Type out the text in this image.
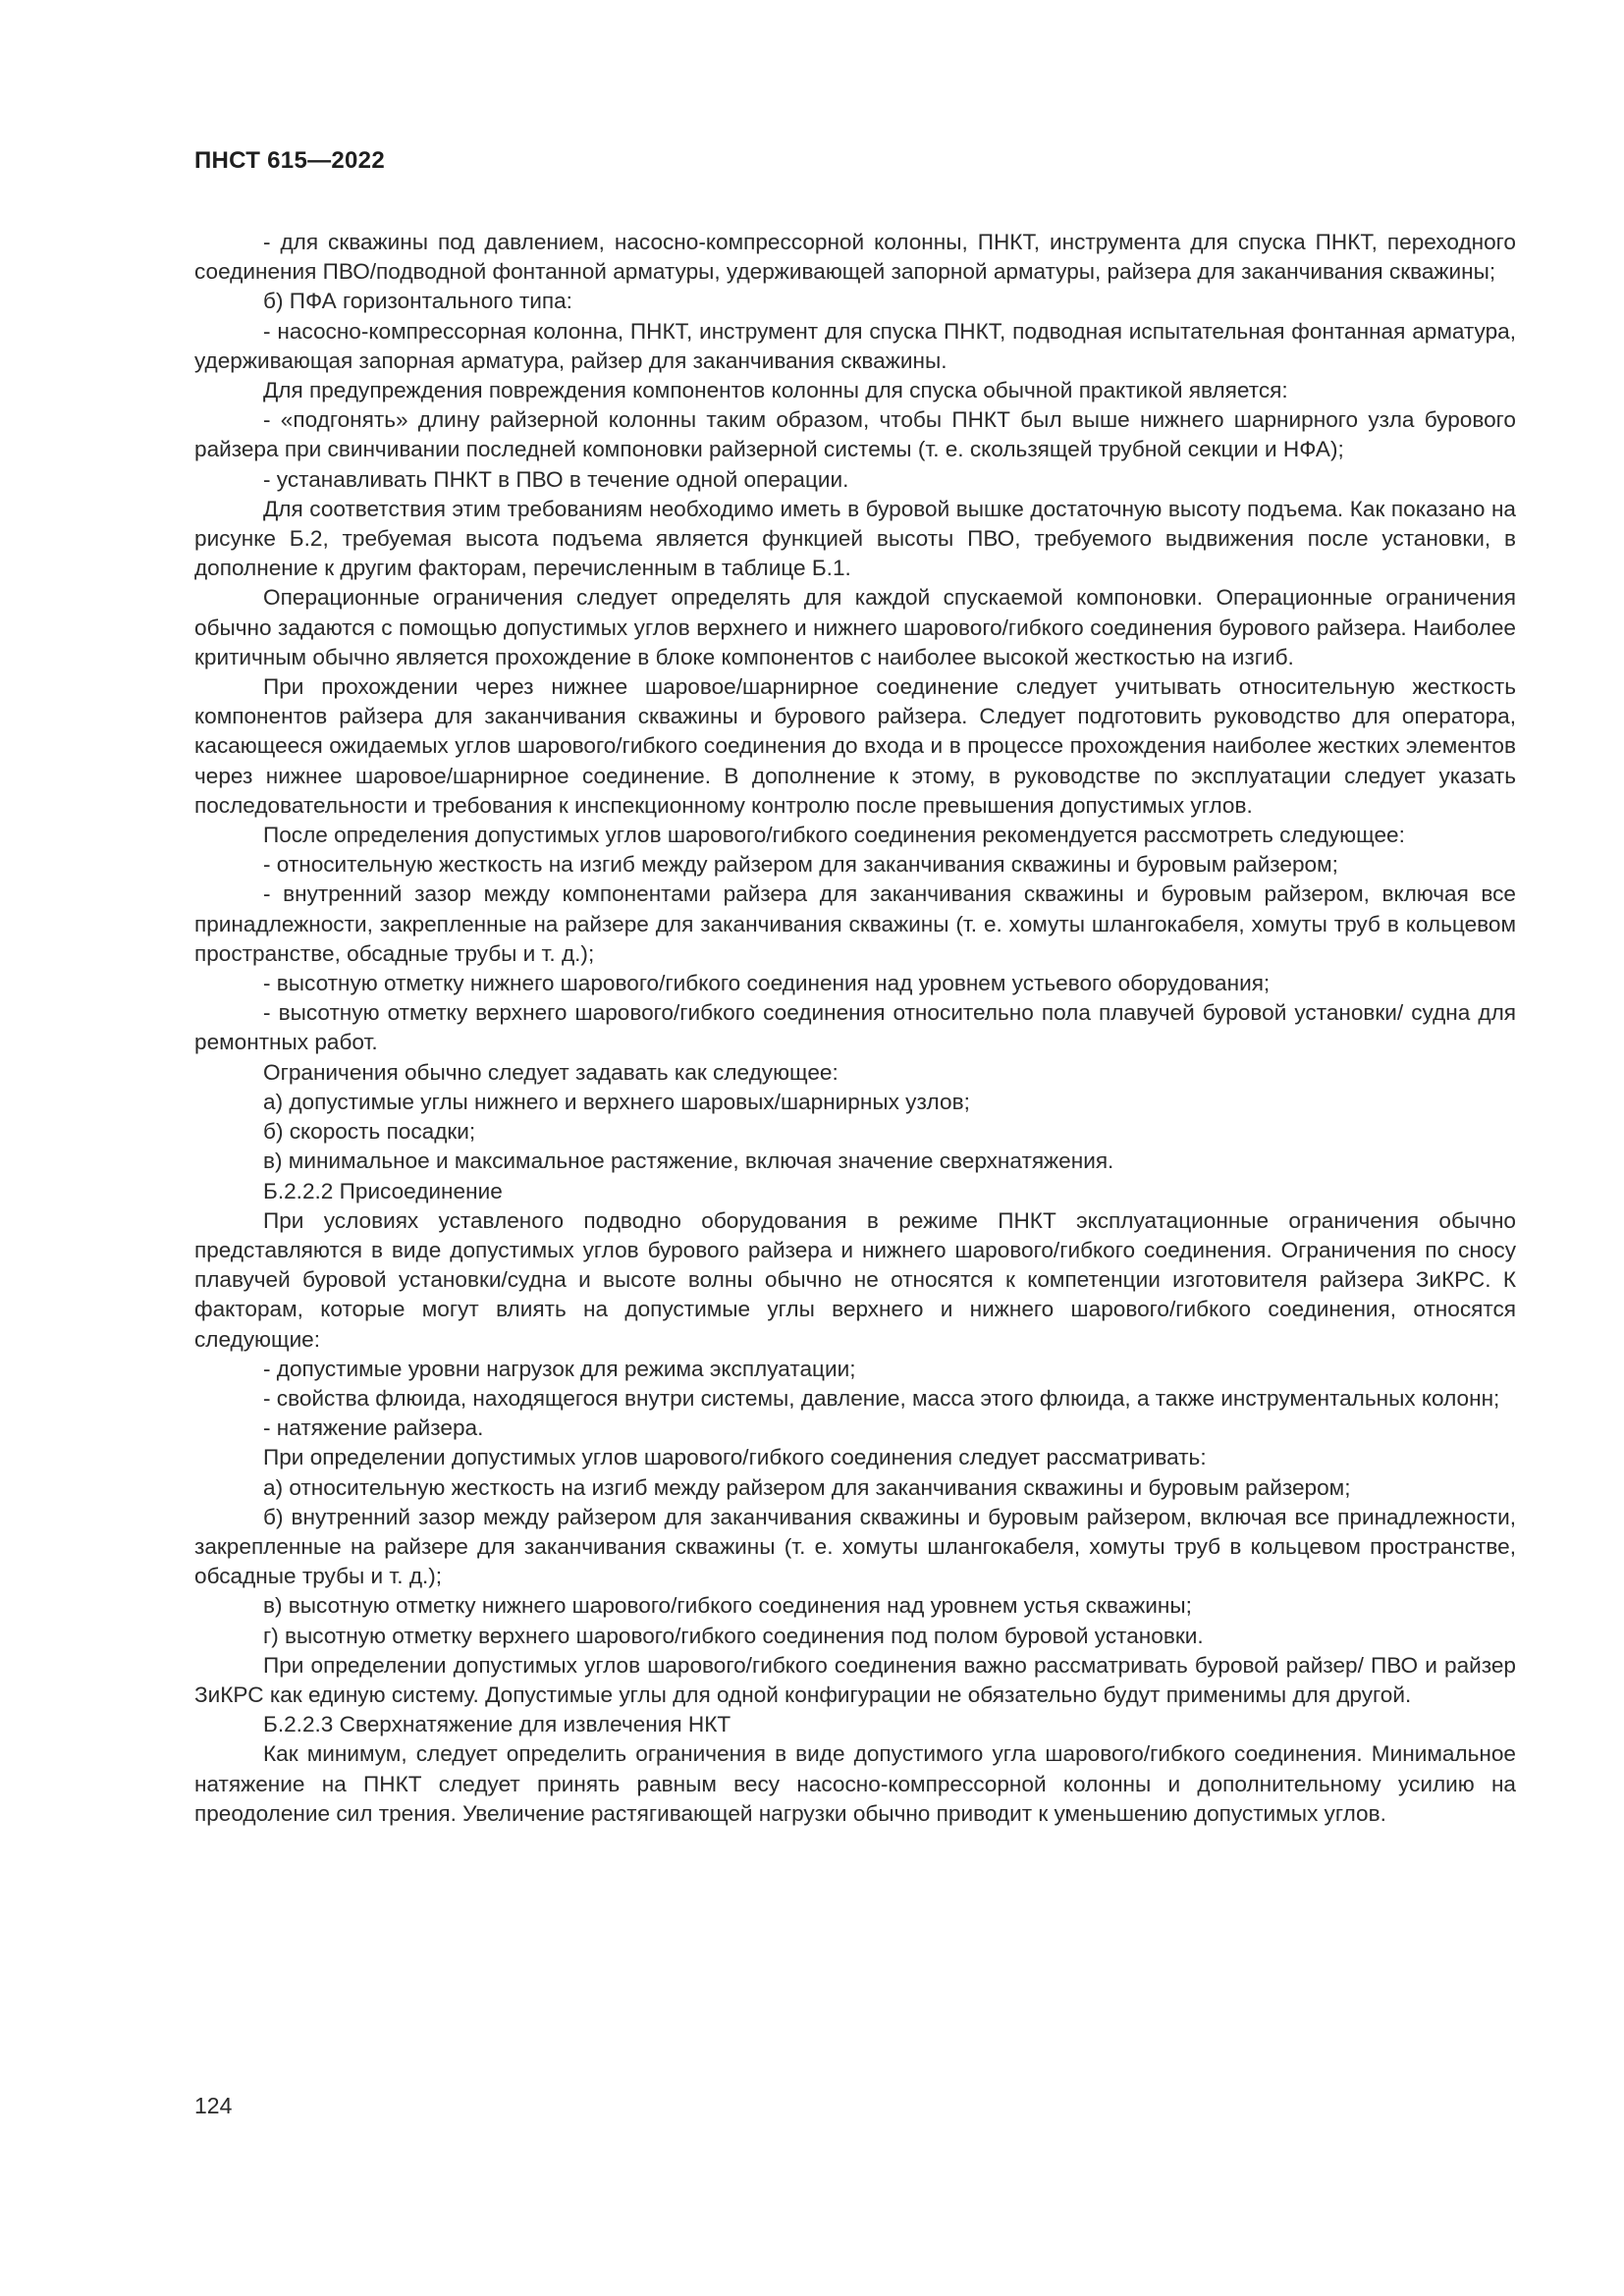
ПНСТ 615—2022

- для скважины под давлением, насосно-компрессорной колонны, ПНКТ, инструмента для спуска ПНКТ, переходного соединения ПВО/подводной фонтанной арматуры, удерживающей запорной арматуры, райзера для заканчивания скважины;

б) ПФА горизонтального типа:

- насосно-компрессорная колонна, ПНКТ, инструмент для спуска ПНКТ, подводная испытательная фонтанная арматура, удерживающая запорная арматура, райзер для заканчивания скважины.

Для предупреждения повреждения компонентов колонны для спуска обычной практикой является:

- «подгонять» длину райзерной колонны таким образом, чтобы ПНКТ был выше нижнего шарнирного узла бурового райзера при свинчивании последней компоновки райзерной системы (т. е. скользящей трубной секции и НФА);

- устанавливать ПНКТ в ПВО в течение одной операции.

Для соответствия этим требованиям необходимо иметь в буровой вышке достаточную высоту подъема. Как показано на рисунке Б.2, требуемая высота подъема является функцией высоты ПВО, требуемого выдвижения после установки, в дополнение к другим факторам, перечисленным в таблице Б.1.

Операционные ограничения следует определять для каждой спускаемой компоновки. Операционные ограничения обычно задаются с помощью допустимых углов верхнего и нижнего шарового/гибкого соединения бурового райзера. Наиболее критичным обычно является прохождение в блоке компонентов с наиболее высокой жесткостью на изгиб.

При прохождении через нижнее шаровое/шарнирное соединение следует учитывать относительную жесткость компонентов райзера для заканчивания скважины и бурового райзера. Следует подготовить руководство для оператора, касающееся ожидаемых углов шарового/гибкого соединения до входа и в процессе прохождения наиболее жестких элементов через нижнее шаровое/шарнирное соединение. В дополнение к этому, в руководстве по эксплуатации следует указать последовательности и требования к инспекционному контролю после превышения допустимых углов.

После определения допустимых углов шарового/гибкого соединения рекомендуется рассмотреть следующее:

- относительную жесткость на изгиб между райзером для заканчивания скважины и буровым райзером;

- внутренний зазор между компонентами райзера для заканчивания скважины и буровым райзером, включая все принадлежности, закрепленные на райзере для заканчивания скважины (т. е. хомуты шлангокабеля, хомуты труб в кольцевом пространстве, обсадные трубы и т. д.);

- высотную отметку нижнего шарового/гибкого соединения над уровнем устьевого оборудования;

- высотную отметку верхнего шарового/гибкого соединения относительно пола плавучей буровой установки/ судна для ремонтных работ.

Ограничения обычно следует задавать как следующее:

а) допустимые углы нижнего и верхнего шаровых/шарнирных узлов;

б) скорость посадки;

в) минимальное и максимальное растяжение, включая значение сверхнатяжения.

Б.2.2.2 Присоединение

При условиях уставленого подводно оборудования в режиме ПНКТ эксплуатационные ограничения обычно представляются в виде допустимых углов бурового райзера и нижнего шарового/гибкого соединения. Ограничения по сносу плавучей буровой установки/судна и высоте волны обычно не относятся к компетенции изготовителя райзера ЗиКРС. К факторам, которые могут влиять на допустимые углы верхнего и нижнего шарового/гибкого соединения, относятся следующие:

- допустимые уровни нагрузок для режима эксплуатации;

- свойства флюида, находящегося внутри системы, давление, масса этого флюида, а также инструментальных колонн;

- натяжение райзера.

При определении допустимых углов шарового/гибкого соединения следует рассматривать:

а) относительную жесткость на изгиб между райзером для заканчивания скважины и буровым райзером;

б) внутренний зазор между райзером для заканчивания скважины и буровым райзером, включая все принадлежности, закрепленные на райзере для заканчивания скважины (т. е. хомуты шлангокабеля, хомуты труб в кольцевом пространстве, обсадные трубы и т. д.);

в) высотную отметку нижнего шарового/гибкого соединения над уровнем устья скважины;

г) высотную отметку верхнего шарового/гибкого соединения под полом буровой установки.

При определении допустимых углов шарового/гибкого соединения важно рассматривать буровой райзер/ ПВО и райзер ЗиКРС как единую систему. Допустимые углы для одной конфигурации не обязательно будут применимы для другой.

Б.2.2.3 Сверхнатяжение для извлечения НКТ

Как минимум, следует определить ограничения в виде допустимого угла шарового/гибкого соединения. Минимальное натяжение на ПНКТ следует принять равным весу насосно-компрессорной колонны и дополнительному усилию на преодоление сил трения. Увеличение растягивающей нагрузки обычно приводит к уменьшению допустимых углов.

124
